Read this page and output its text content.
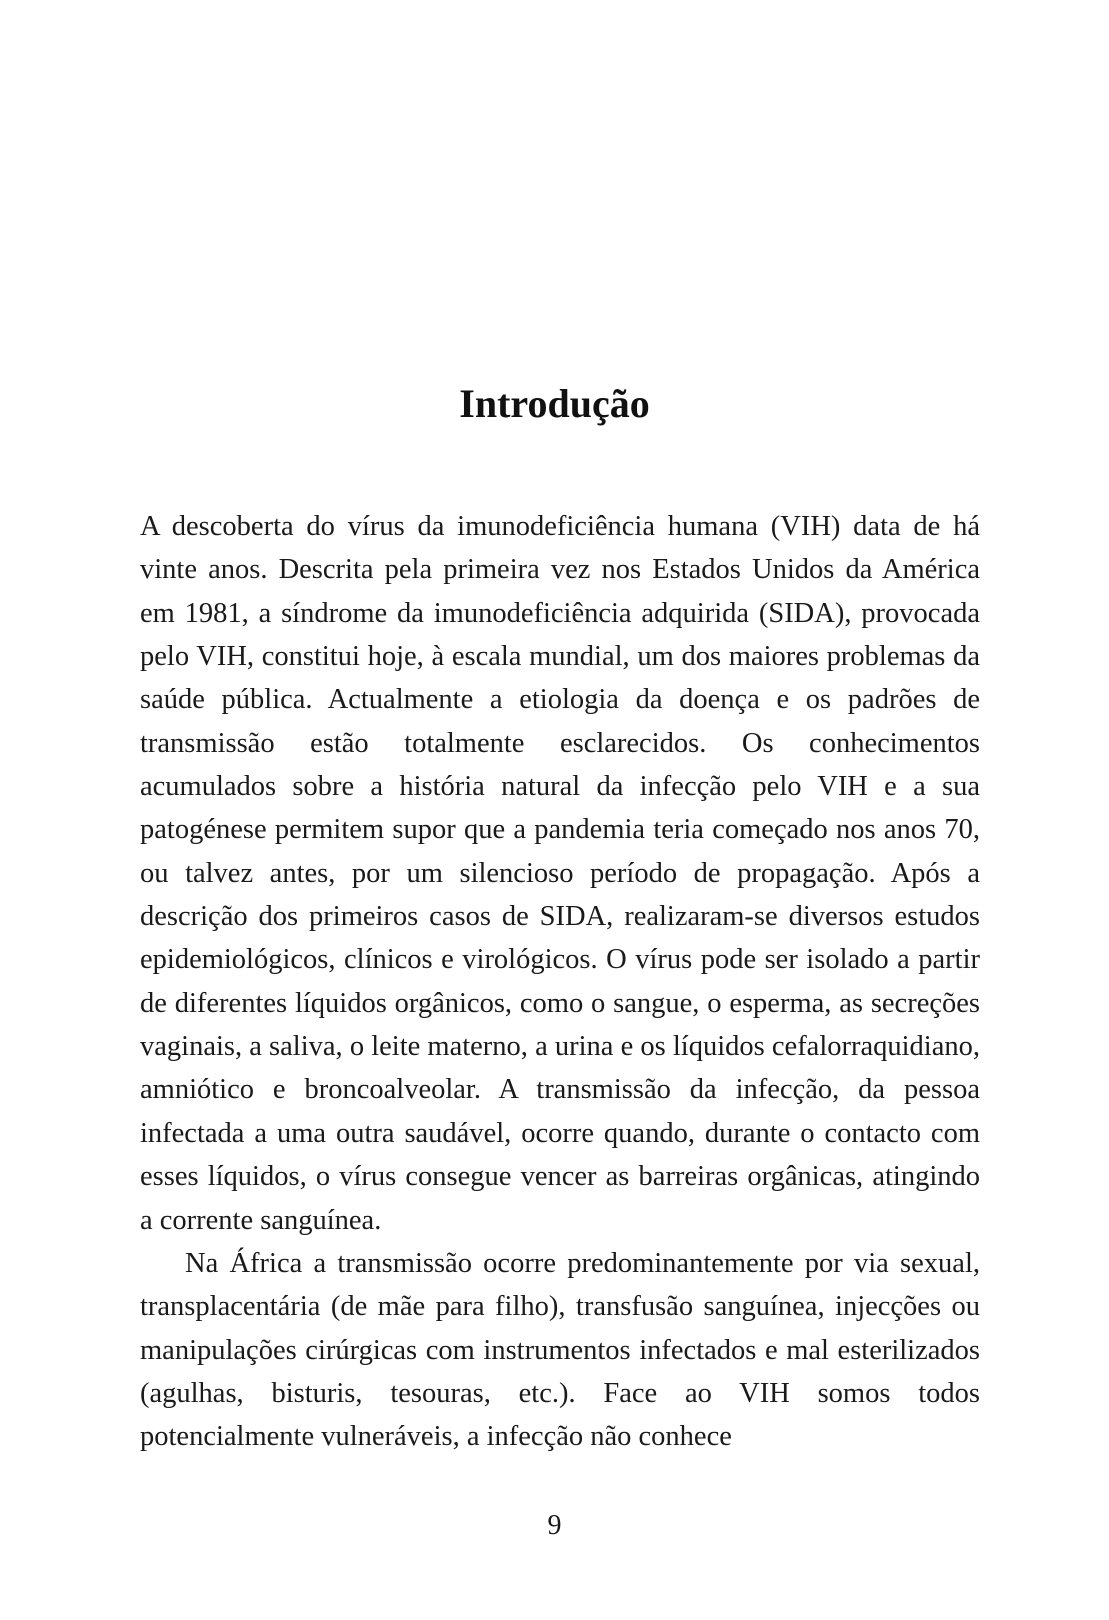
Introdução

A descoberta do vírus da imunodeficiência humana (VIH) data de há vinte anos. Descrita pela primeira vez nos Estados Unidos da América em 1981, a síndrome da imunodeficiência adquirida (SIDA), provocada pelo VIH, constitui hoje, à escala mundial, um dos maiores problemas da saúde pública. Actualmente a etiologia da doença e os padrões de transmissão estão totalmente esclarecidos. Os conhecimentos acumulados sobre a história natural da infecção pelo VIH e a sua patogénese permitem supor que a pandemia teria começado nos anos 70, ou talvez antes, por um silencioso período de propagação. Após a descrição dos primeiros casos de SIDA, realizaram-se diversos estudos epidemiológicos, clínicos e virológicos. O vírus pode ser isolado a partir de diferentes líquidos orgânicos, como o sangue, o esperma, as secreções vaginais, a saliva, o leite materno, a urina e os líquidos cefalorraquidiano, amniótico e broncoalveolar. A transmissão da infecção, da pessoa infectada a uma outra saudável, ocorre quando, durante o contacto com esses líquidos, o vírus consegue vencer as barreiras orgânicas, atingindo a corrente sanguínea.

Na África a transmissão ocorre predominantemente por via sexual, transplacentária (de mãe para filho), transfusão sanguínea, injecções ou manipulações cirúrgicas com instrumentos infectados e mal esterilizados (agulhas, bisturis, tesouras, etc.). Face ao VIH somos todos potencialmente vulneráveis, a infecção não conhece

9
